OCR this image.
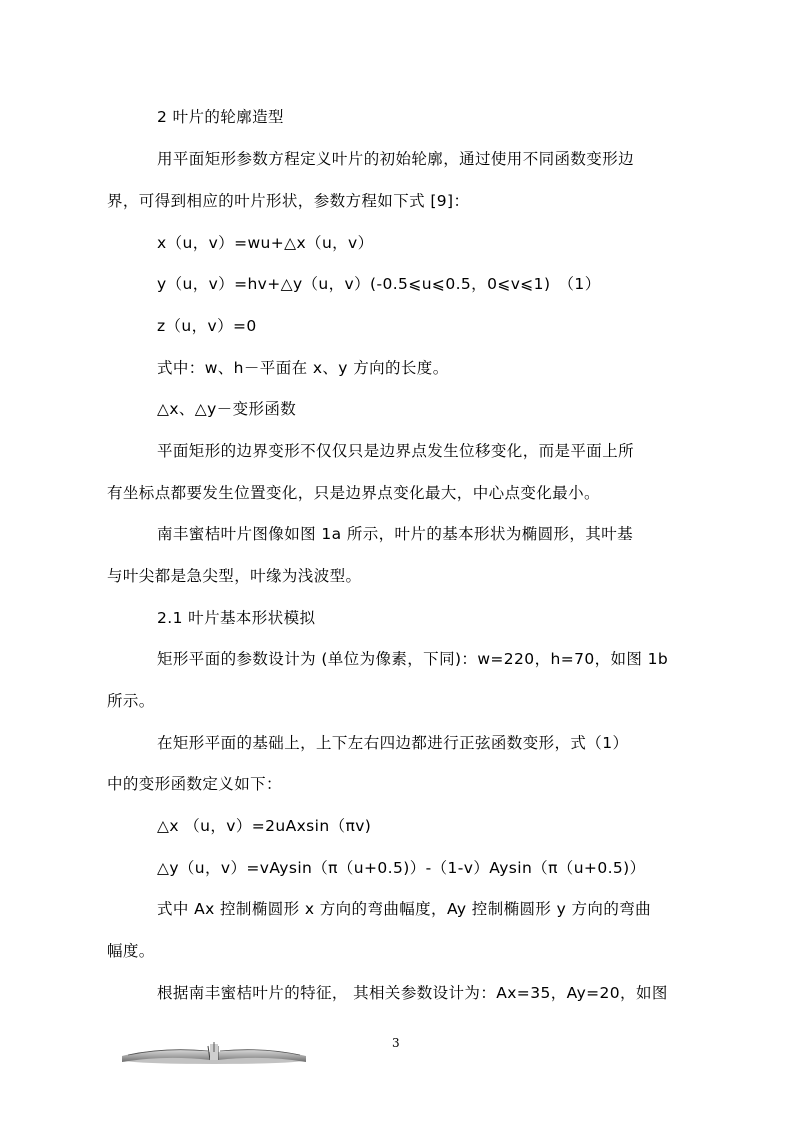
2 叶片的轮廓造型
用平面矩形参数方程定义叶片的初始轮廓，通过使用不同函数变形边
界，可得到相应的叶片形状，参数方程如下式 [9]：
x（u，v）=wu+△x（u，v）
y（u，v）=hv+△y（u，v）(-0.5⩽u⩽0.5，0⩽v⩽1)　（1）
z（u，v）=0
式中：w、h－平面在 x、y 方向的长度。
△x、△y－变形函数
平面矩形的边界变形不仅仅只是边界点发生位移变化，而是平面上所
有坐标点都要发生位置变化，只是边界点变化最大，中心点变化最小。
南丰蜜桔叶片图像如图 1a 所示，叶片的基本形状为椭圆形，其叶基
与叶尖都是急尖型，叶缘为浅波型。
2.1 叶片基本形状模拟
矩形平面的参数设计为 (单位为像素，下同)：w=220，h=70，如图 1b
所示。
在矩形平面的基础上，上下左右四边都进行正弦函数变形，式（1）
中的变形函数定义如下：
△x （u，v）=2uAxsin（πv)
△y（u，v）=vAysin（π（u+0.5)）-（1-v）Aysin（π（u+0.5)）
式中 Ax 控制椭圆形 x 方向的弯曲幅度，Ay 控制椭圆形 y 方向的弯曲
幅度。
根据南丰蜜桔叶片的特征， 其相关参数设计为：Ax=35，Ay=20，如图
3
